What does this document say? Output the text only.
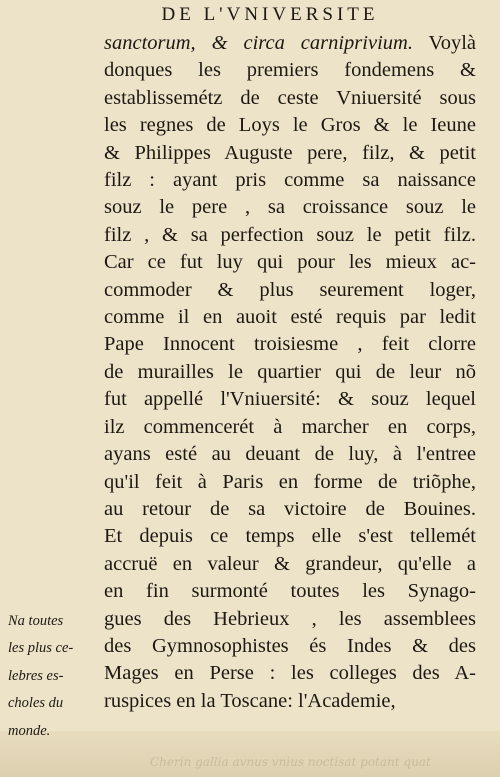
Cherin gallia avnus vnius noctisat potant quat
DE L'VNIVERSITE
sanctorum, & circa carniprivium. Voylà
donques les premiers fondemens &
establissemétz de ceste Vniuersité sous
les regnes de Loys le Gros & le Ieune
& Philippes Auguste pere, filz, & petit
filz : ayant pris comme sa naissance
souz le pere , sa croissance souz le
filz , & sa perfection souz le petit filz.
Car ce fut luy qui pour les mieux ac-
commoder & plus seurement loger,
comme il en auoit esté requis par ledit
Pape Innocent troisiesme , feit clorre
de murailles le quartier qui de leur nõ
fut appellé l'Vniuersité: & souz lequel
ilz commencerét à marcher en corps,
ayans esté au deuant de luy, à l'entree
qu'il feit à Paris en forme de triõphe,
au retour de sa victoire de Bouines.
Et depuis ce temps elle s'est tellemét
accruë en valeur & grandeur, qu'elle a
en fin surmonté toutes les Synago-
gues des Hebrieux , les assemblees
des Gymnosophistes és Indes & des
Mages en Perse : les colleges des A-
ruspices en la Toscane: l'Academie,
Na toutes
les plus ce-
lebres es-
choles du
monde.
